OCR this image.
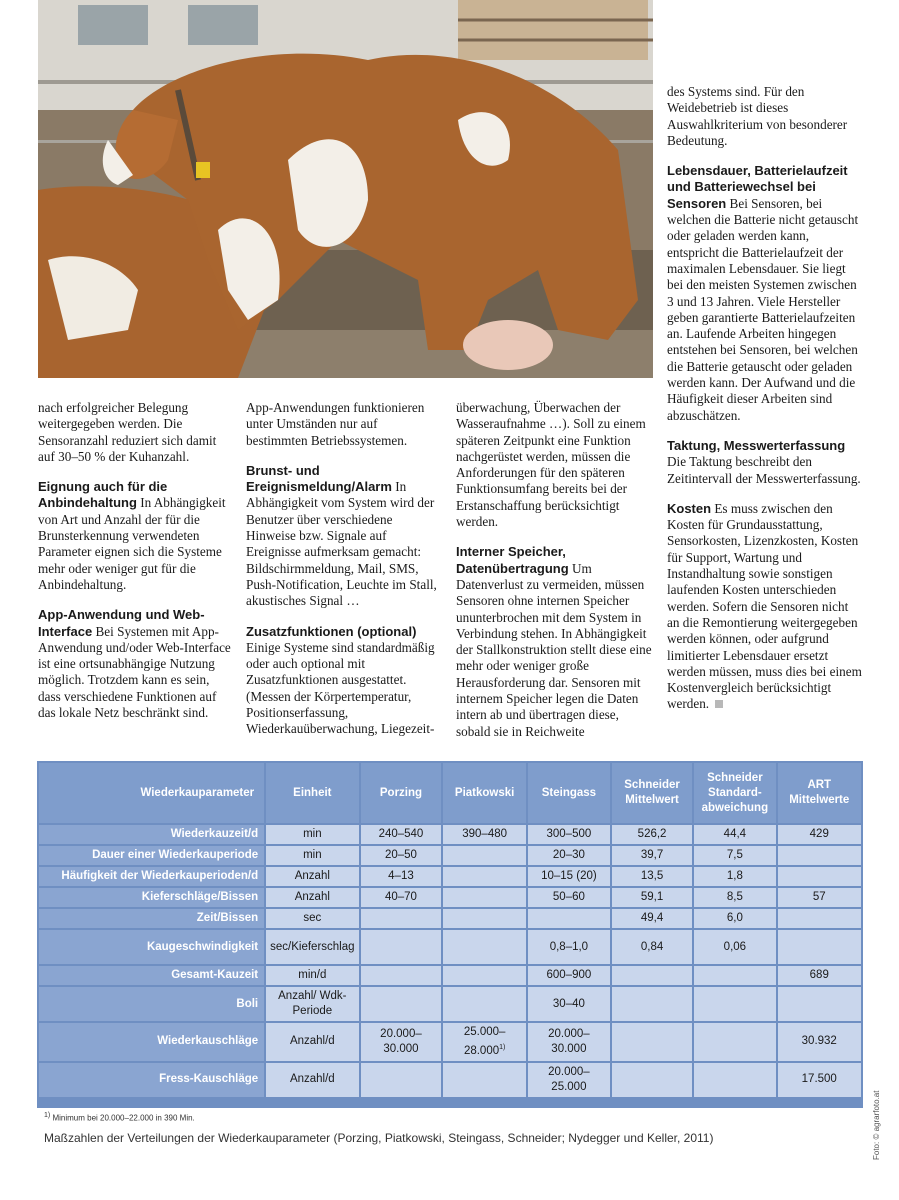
nach erfolgreicher Belegung weitergegeben werden. Die Sensoranzahl reduziert sich damit auf 30–50 % der Kuhanzahl.

Eignung auch für die Anbindehaltung In Abhängigkeit von Art und Anzahl der für die Brunsterkennung verwendeten Parameter eignen sich die Systeme mehr oder weniger gut für die Anbindehaltung.

App-Anwendung und Web-Interface Bei Systemen mit App-Anwendung und/oder Web-Interface ist eine ortsunabhängige Nutzung möglich. Trotzdem kann es sein, dass verschiedene Funktionen auf das lokale Netz beschränkt sind.

App-Anwendungen funktionieren unter Umständen nur auf bestimmten Betriebssystemen.

Brunst- und Ereignismeldung/Alarm In Abhängigkeit vom System wird der Benutzer über verschiedene Hinweise bzw. Signale auf Ereignisse aufmerksam gemacht: Bildschirmmeldung, Mail, SMS, Push-Notification, Leuchte im Stall, akustisches Signal …

Zusatzfunktionen (optional)
Einige Systeme sind standardmäßig oder auch optional mit Zusatzfunktionen ausgestattet. (Messen der Körpertemperatur, Positionserfassung, Wiederkauüberwachung, Liegezeit-

überwachung, Überwachen der Wasseraufnahme …). Soll zu einem späteren Zeitpunkt eine Funktion nachgerüstet werden, müssen die Anforderungen für den späteren Funktionsumfang bereits bei der Erstanschaffung berücksichtigt werden.

Interner Speicher, Datenübertragung Um Datenverlust zu vermeiden, müssen Sensoren ohne internen Speicher ununterbrochen mit dem System in Verbindung stehen. In Abhängigkeit der Stallkonstruktion stellt diese eine mehr oder weniger große Herausforderung dar. Sensoren mit internem Speicher legen die Daten intern ab und übertragen diese, sobald sie in Reichweite

des Systems sind. Für den Weidebetrieb ist dieses Auswahlkriterium von besonderer Bedeutung.

Lebensdauer, Batterielaufzeit und Batteriewechsel bei Sensoren Bei Sensoren, bei welchen die Batterie nicht getauscht oder geladen werden kann, entspricht die Batterielaufzeit der maximalen Lebensdauer. Sie liegt bei den meisten Systemen zwischen 3 und 13 Jahren. Viele Hersteller geben garantierte Batterielaufzeiten an. Laufende Arbeiten hingegen entstehen bei Sensoren, bei welchen die Batterie getauscht oder geladen werden kann. Der Aufwand und die Häufigkeit dieser Arbeiten sind abzuschätzen.

Taktung, Messwerterfassung
Die Taktung beschreibt den Zeitintervall der Messwerterfassung.

Kosten Es muss zwischen den Kosten für Grundausstattung, Sensorkosten, Lizenzkosten, Kosten für Support, Wartung und Instandhaltung sowie sonstigen laufenden Kosten unterschieden werden. Sofern die Sensoren nicht an die Remontierung weitergegeben werden können, oder aufgrund limitierter Lebensdauer ersetzt werden müssen, muss dies bei einem Kostenvergleich berücksichtigt werden.

Wiederkauparameter	Einheit	Porzing	Piatkowski	Steingass	Schneider Mittelwert	Schneider Standard-abweichung	ART Mittelwerte
Wiederkauzeit/d	min	240–540	390–480	300–500	526,2	44,4	429
Dauer einer Wiederkauperiode	min	20–50		20–30	39,7	7,5	
Häufigkeit der Wiederkauperioden/d	Anzahl	4–13		10–15 (20)	13,5	1,8	
Kieferschläge/Bissen	Anzahl	40–70		50–60	59,1	8,5	57
Zeit/Bissen	sec				49,4	6,0	
Kaugeschwindigkeit	sec/Kieferschlag			0,8–1,0	0,84	0,06	
Gesamt-Kauzeit	min/d			600–900			689
Boli	Anzahl/ Wdk-Periode			30–40			
Wiederkauschläge	Anzahl/d	20.000–30.000	25.000–28.000$^{1)}$	20.000–30.000			30.932
Fress-Kauschläge	Anzahl/d			20.000–25.000			17.500
$^{1)}$ Minimum bei 20.000–22.000 in 390 Min.
Maßzahlen der Verteilungen der Wiederkauparameter (Porzing, Piatkowski, Steingass, Schneider; Nydegger und Keller, 2011)	Foto: © agrarfoto.at
